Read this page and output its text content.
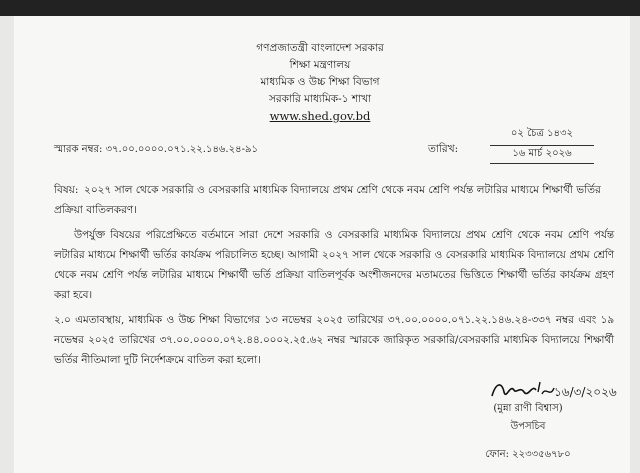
গণপ্রজাতন্ত্রী বাংলাদেশ সরকার
শিক্ষা মন্ত্রণালয়
মাধ্যমিক ও উচ্চ শিক্ষা বিভাগ
সরকারি মাধ্যমিক-১ শাখা
www.shed.gov.bd
স্মারক নম্বর: ৩৭.০০.০০০০.০৭১.২২.১৪৬.২৪-৯১	তারিখ:
০২ চৈত্র ১৪৩২
১৬ মার্চ ২০২৬
বিষয়: ২০২৭ সাল থেকে সরকারি ও বেসরকারি মাধ্যমিক বিদ্যালয়ে প্রথম শ্রেণি থেকে নবম শ্রেণি পর্যন্ত লটারির মাধ্যমে শিক্ষার্থী ভর্তির প্রক্রিয়া বাতিলকরণ।
উপর্যুক্ত বিষয়ের পরিপ্রেক্ষিতে বর্তমানে সারা দেশে সরকারি ও বেসরকারি মাধ্যমিক বিদ্যালয়ে প্রথম শ্রেণি থেকে নবম শ্রেণি পর্যন্ত লটারির মাধ্যমে শিক্ষার্থী ভর্তির কার্যক্রম পরিচালিত হচ্ছে। আগামী ২০২৭ সাল থেকে সরকারি ও বেসরকারি মাধ্যমিক বিদ্যালয়ে প্রথম শ্রেণি থেকে নবম শ্রেণি পর্যন্ত লটারির মাধ্যমে শিক্ষার্থী ভর্তি প্রক্রিয়া বাতিলপূর্বক অংশীজনদের মতামতের ভিত্তিতে শিক্ষার্থী ভর্তির কার্যক্রম গ্রহণ করা হবে।
২.০ এমতাবস্থায়, মাধ্যমিক ও উচ্চ শিক্ষা বিভাগের ১৩ নভেম্বর ২০২৫ তারিখের ৩৭.০০.০০০০.০৭১.২২.১৪৬.২৪-৩৩৭ নম্বর এবং ১৯ নভেম্বর ২০২৫ তারিখের ৩৭.০০.০০০০.০৭২.৪৪.০০০২.২৫.৬২ নম্বর স্মারকে জারিকৃত সরকারি/বেসরকারি মাধ্যমিক বিদ্যালয়ে শিক্ষার্থী ভর্তির নীতিমালা দুটি নির্দেশক্রমে বাতিল করা হলো।
১৬/৩/২০২৬
(মুন্না রাণী বিশ্বাস)
উপসচিব
ফোন: ২২৩৩৫৬৭৮০
